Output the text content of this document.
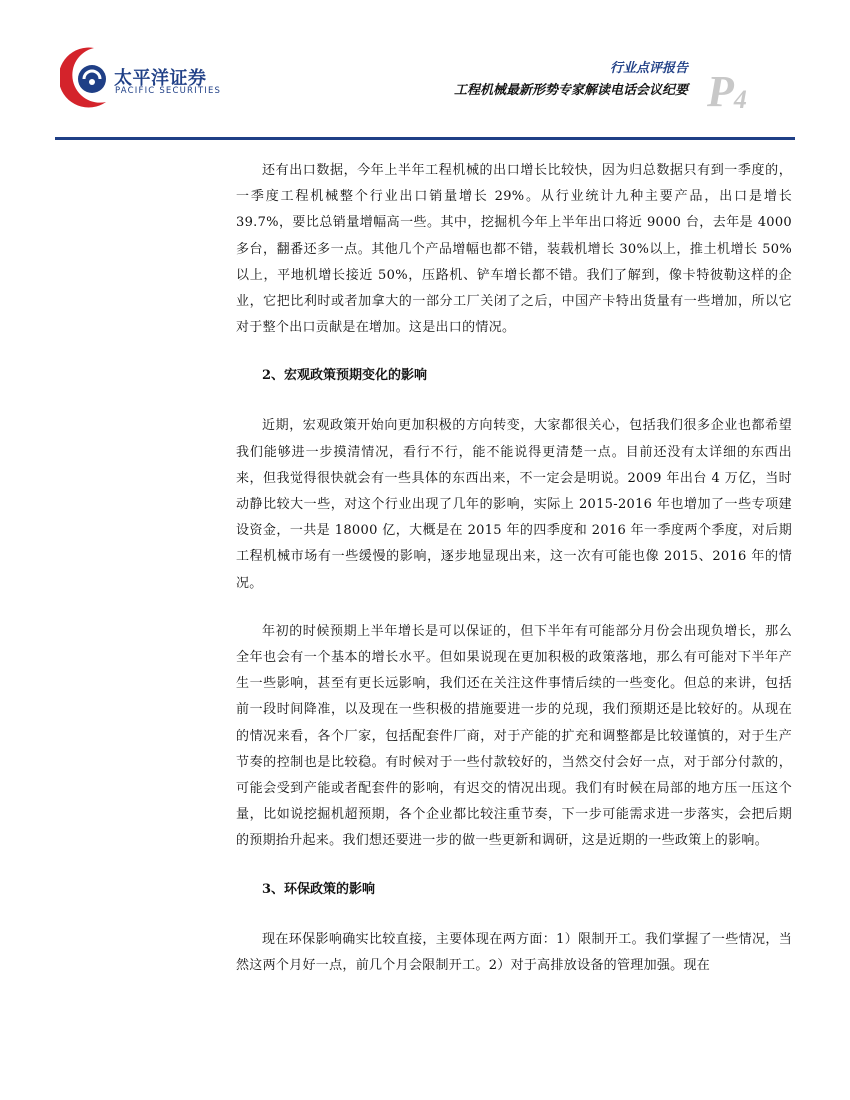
太平洋证券
PACIFIC SECURITIES
行业点评报告
工程机械最新形势专家解读电话会议纪要 $P_4$

还有出口数据，今年上半年工程机械的出口增长比较快，因为归总数据只有到一季度的，一季度工程机械整个行业出口销量增长 29%。从行业统计九种主要产品，出口是增长 39.7%，要比总销量增幅高一些。其中，挖掘机今年上半年出口将近 9000 台，去年是 4000 多台，翻番还多一点。其他几个产品增幅也都不错，装载机增长 30%以上，推土机增长 50%以上，平地机增长接近 50%，压路机、铲车增长都不错。我们了解到，像卡特彼勒这样的企业，它把比利时或者加拿大的一部分工厂关闭了之后，中国产卡特出货量有一些增加，所以它对于整个出口贡献是在增加。这是出口的情况。

2、宏观政策预期变化的影响

近期，宏观政策开始向更加积极的方向转变，大家都很关心，包括我们很多企业也都希望我们能够进一步摸清情况，看行不行，能不能说得更清楚一点。目前还没有太详细的东西出来，但我觉得很快就会有一些具体的东西出来，不一定会是明说。2009 年出台 4 万亿，当时动静比较大一些，对这个行业出现了几年的影响，实际上 2015-2016 年也增加了一些专项建设资金，一共是 18000 亿，大概是在 2015 年的四季度和 2016 年一季度两个季度，对后期工程机械市场有一些缓慢的影响，逐步地显现出来，这一次有可能也像 2015、2016 年的情况。

年初的时候预期上半年增长是可以保证的，但下半年有可能部分月份会出现负增长，那么全年也会有一个基本的增长水平。但如果说现在更加积极的政策落地，那么有可能对下半年产生一些影响，甚至有更长远影响，我们还在关注这件事情后续的一些变化。但总的来讲，包括前一段时间降准，以及现在一些积极的措施要进一步的兑现，我们预期还是比较好的。从现在的情况来看，各个厂家，包括配套件厂商，对于产能的扩充和调整都是比较谨慎的，对于生产节奏的控制也是比较稳。有时候对于一些付款较好的，当然交付会好一点，对于部分付款的，可能会受到产能或者配套件的影响，有迟交的情况出现。我们有时候在局部的地方压一压这个量，比如说挖掘机超预期，各个企业都比较注重节奏，下一步可能需求进一步落实，会把后期的预期抬升起来。我们想还要进一步的做一些更新和调研，这是近期的一些政策上的影响。

3、环保政策的影响

现在环保影响确实比较直接，主要体现在两方面：1）限制开工。我们掌握了一些情况，当然这两个月好一点，前几个月会限制开工。2）对于高排放设备的管理加强。现在
